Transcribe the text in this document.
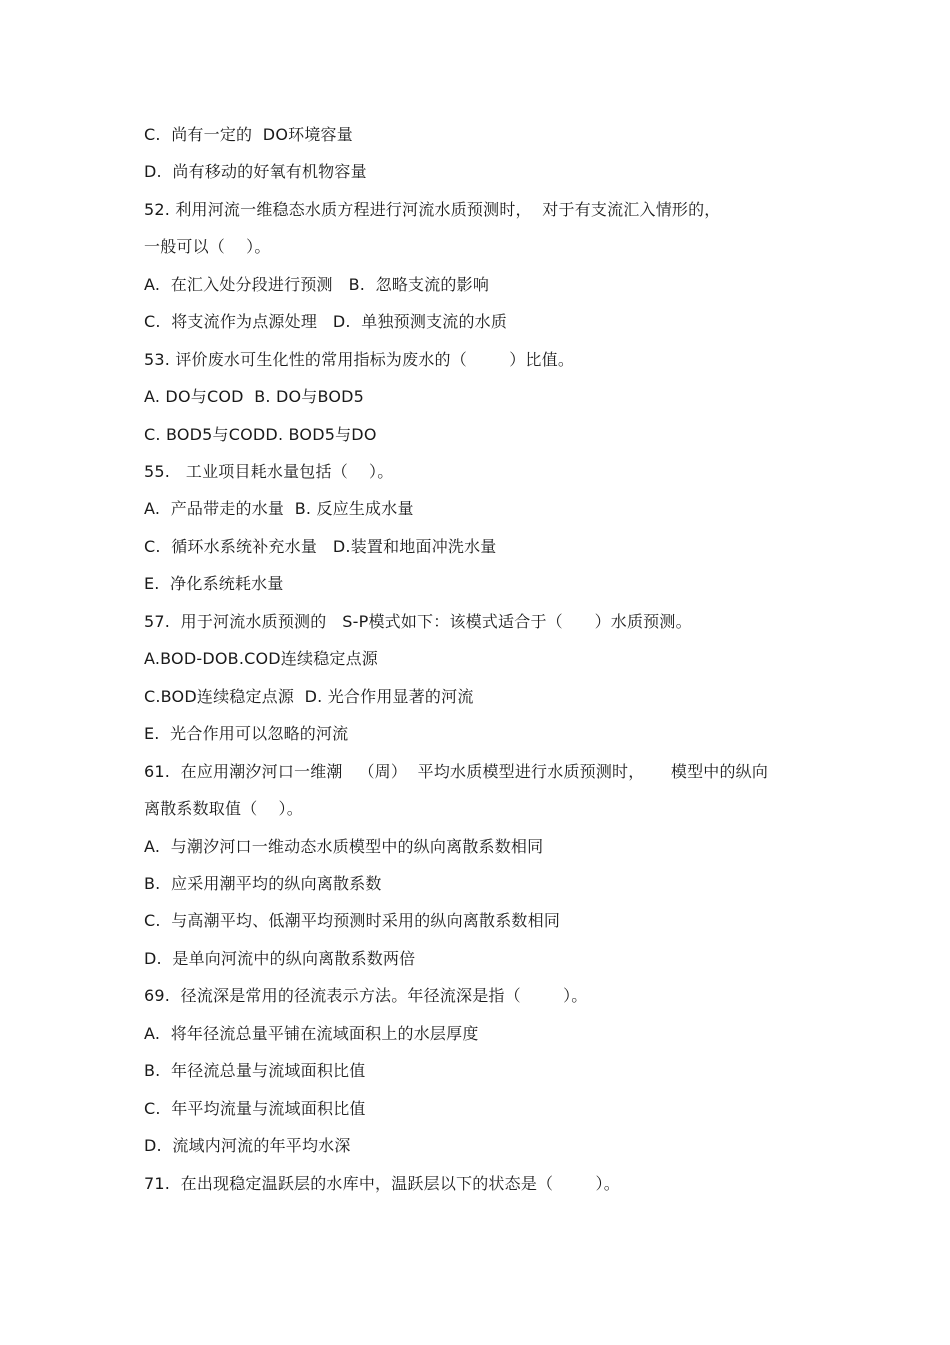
C.  尚有一定的  DO环境容量
D.  尚有移动的好氧有机物容量
52. 利用河流一维稳态水质方程进行河流水质预测时，  对于有支流汇入情形的，
一般可以（    ）。
A.  在汇入处分段进行预测   B.  忽略支流的影响
C.  将支流作为点源处理   D.  单独预测支流的水质
53. 评价废水可生化性的常用指标为废水的（        ）比值。
A. DO与COD  B. DO与BOD5
C. BOD5与CODD. BOD5与DO
55.   工业项目耗水量包括（    ）。
A.  产品带走的水量  B. 反应生成水量
C.  循环水系统补充水量   D.装置和地面冲洗水量
E.  净化系统耗水量
57.  用于河流水质预测的   S-P模式如下：该模式适合于（      ）水质预测。
A.BOD-DOB.COD连续稳定点源
C.BOD连续稳定点源  D. 光合作用显著的河流
E.  光合作用可以忽略的河流
61.  在应用潮汐河口一维潮   （周）  平均水质模型进行水质预测时，     模型中的纵向
离散系数取值（    ）。
A.  与潮汐河口一维动态水质模型中的纵向离散系数相同
B.  应采用潮平均的纵向离散系数
C.  与高潮平均、低潮平均预测时采用的纵向离散系数相同
D.  是单向河流中的纵向离散系数两倍
69.  径流深是常用的径流表示方法。年径流深是指（        ）。
A.  将年径流总量平铺在流域面积上的水层厚度
B.  年径流总量与流域面积比值
C.  年平均流量与流域面积比值
D.  流域内河流的年平均水深
71.  在出现稳定温跃层的水库中，温跃层以下的状态是（        ）。
